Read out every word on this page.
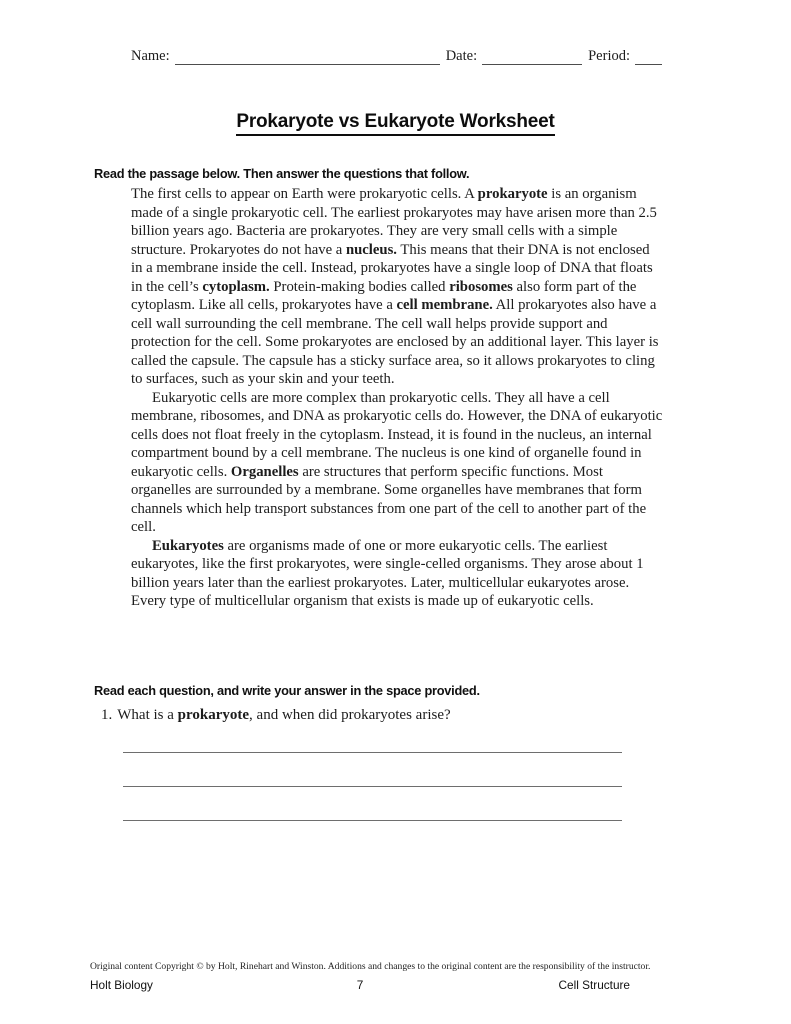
Name:	Date:	Period:
Prokaryote vs Eukaryote Worksheet
Read the passage below. Then answer the questions that follow.

The first cells to appear on Earth were prokaryotic cells. A prokaryote is an organism made of a single prokaryotic cell. The earliest prokaryotes may have arisen more than 2.5 billion years ago. Bacteria are prokaryotes. They are very small cells with a simple structure. Prokaryotes do not have a nucleus. This means that their DNA is not enclosed in a membrane inside the cell. Instead, prokaryotes have a single loop of DNA that floats in the cell’s cytoplasm. Protein-making bodies called ribosomes also form part of the cytoplasm. Like all cells, prokaryotes have a cell membrane. All prokaryotes also have a cell wall surrounding the cell membrane. The cell wall helps provide support and protection for the cell. Some prokaryotes are enclosed by an additional layer. This layer is called the capsule. The capsule has a sticky surface area, so it allows prokaryotes to cling to surfaces, such as your skin and your teeth.

Eukaryotic cells are more complex than prokaryotic cells. They all have a cell membrane, ribosomes, and DNA as prokaryotic cells do. However, the DNA of eukaryotic cells does not float freely in the cytoplasm. Instead, it is found in the nucleus, an internal compartment bound by a cell membrane. The nucleus is one kind of organelle found in eukaryotic cells. Organelles are structures that perform specific functions. Most organelles are surrounded by a membrane. Some organelles have membranes that form channels which help transport substances from one part of the cell to another part of the cell.

Eukaryotes are organisms made of one or more eukaryotic cells. The earliest eukaryotes, like the first prokaryotes, were single-celled organisms. They arose about 1 billion years later than the earliest prokaryotes. Later, multicellular eukaryotes arose. Every type of multicellular organism that exists is made up of eukaryotic cells.

Read each question, and write your answer in the space provided.
1. What is a prokaryote, and when did prokaryotes arise?
Original content Copyright © by Holt, Rinehart and Winston. Additions and changes to the original content are the responsibility of the instructor.
Holt Biology	7	Cell Structure
